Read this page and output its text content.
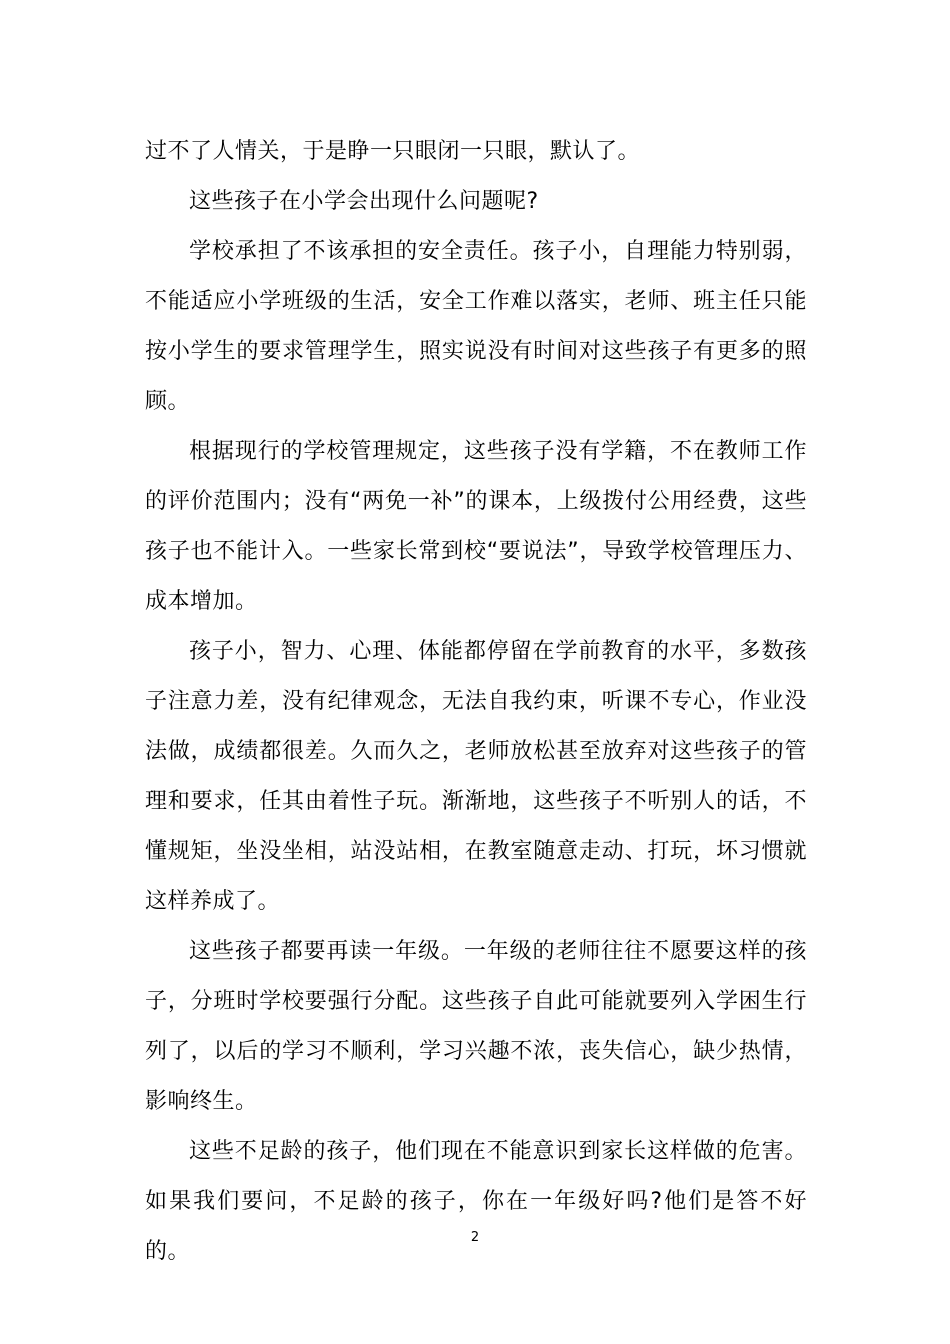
过不了人情关，于是睁一只眼闭一只眼，默认了。

这些孩子在小学会出现什么问题呢?

学校承担了不该承担的安全责任。孩子小，自理能力特别弱，不能适应小学班级的生活，安全工作难以落实，老师、班主任只能按小学生的要求管理学生，照实说没有时间对这些孩子有更多的照顾。

根据现行的学校管理规定，这些孩子没有学籍，不在教师工作的评价范围内；没有“两免一补”的课本，上级拨付公用经费，这些孩子也不能计入。一些家长常到校“要说法”，导致学校管理压力、成本增加。

孩子小，智力、心理、体能都停留在学前教育的水平，多数孩子注意力差，没有纪律观念，无法自我约束，听课不专心，作业没法做，成绩都很差。久而久之，老师放松甚至放弃对这些孩子的管理和要求，任其由着性子玩。渐渐地，这些孩子不听别人的话，不懂规矩，坐没坐相，站没站相，在教室随意走动、打玩，坏习惯就这样养成了。

这些孩子都要再读一年级。一年级的老师往往不愿要这样的孩子，分班时学校要强行分配。这些孩子自此可能就要列入学困生行列了，以后的学习不顺利，学习兴趣不浓，丧失信心，缺少热情，影响终生。

这些不足龄的孩子，他们现在不能意识到家长这样做的危害。如果我们要问，不足龄的孩子，你在一年级好吗?他们是答不好的。

2
